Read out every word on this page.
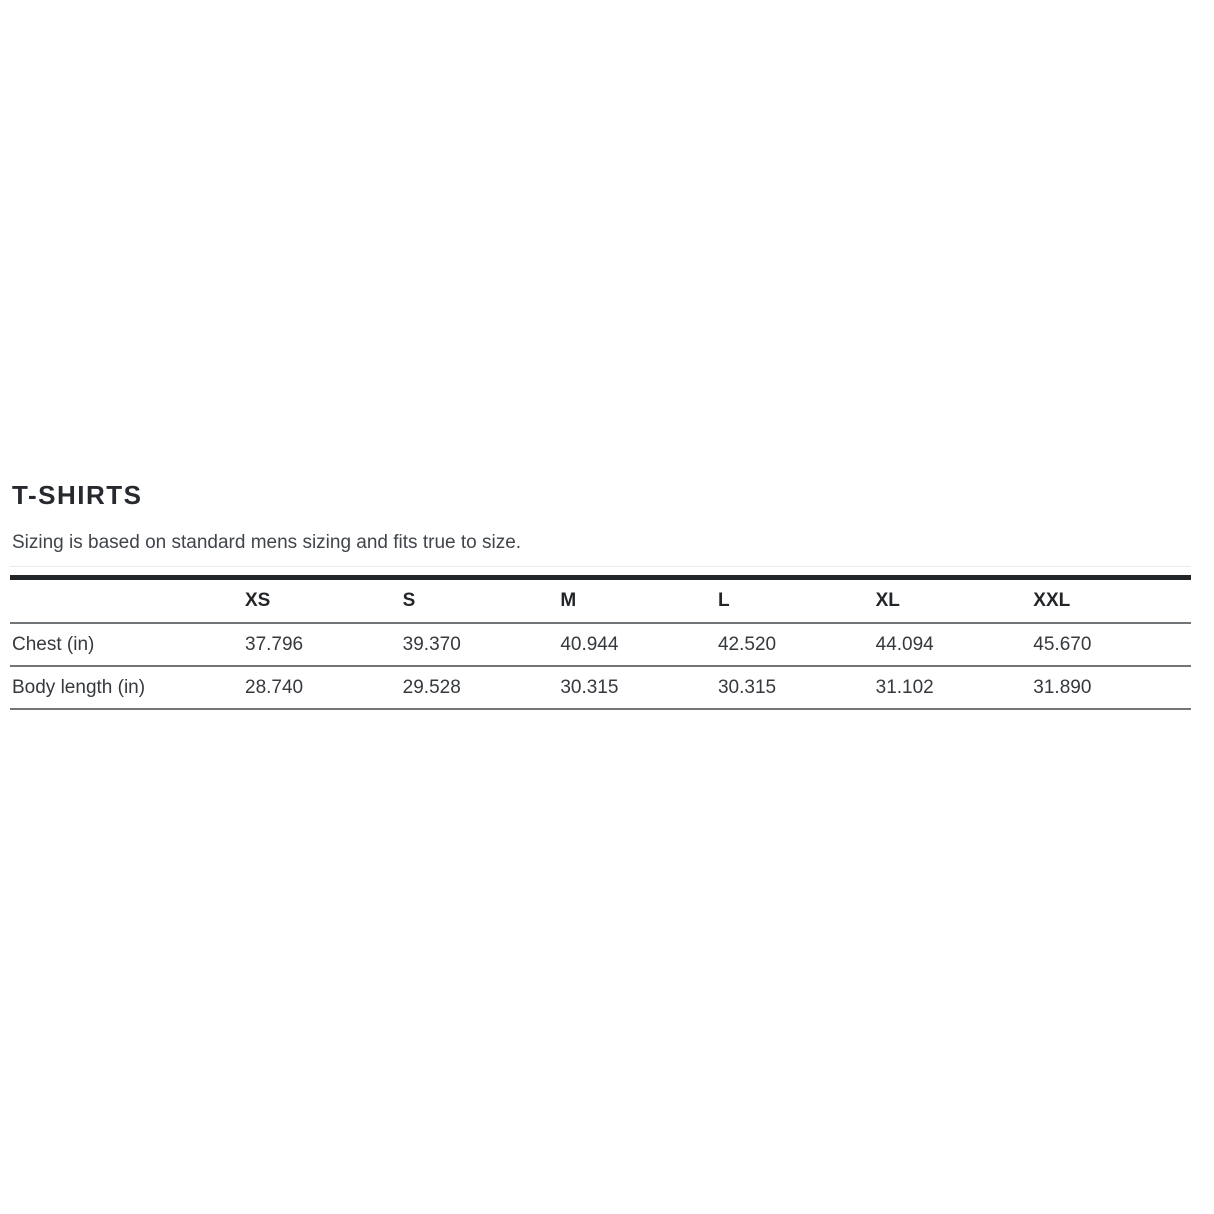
T-SHIRTS

Sizing is based on standard mens sizing and fits true to size.

	XS	S	M	L	XL	XXL
Chest (in)	37.796	39.370	40.944	42.520	44.094	45.670
Body length (in)	28.740	29.528	30.315	30.315	31.102	31.890
